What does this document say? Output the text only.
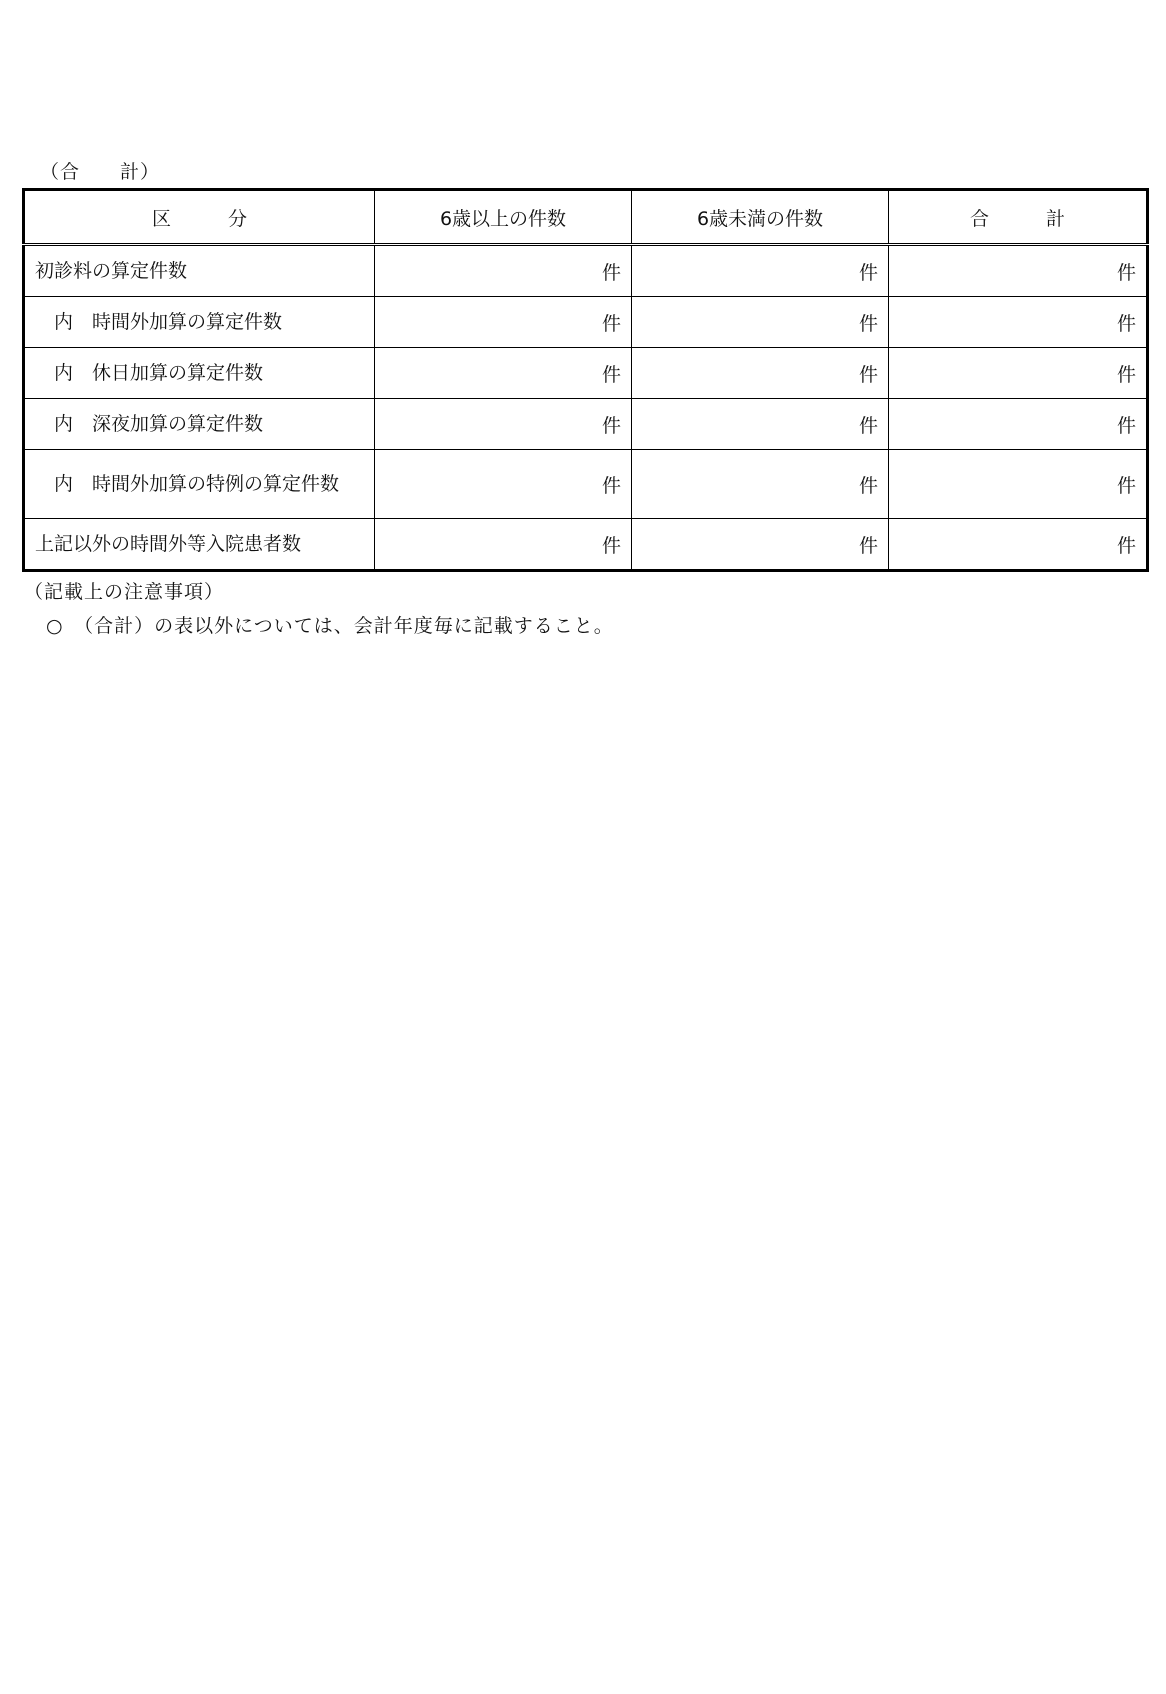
（合　　計）
区　　　分	6歳以上の件数	6歳未満の件数	合　　　計
初診料の算定件数	件	件	件
　内　時間外加算の算定件数	件	件	件
　内　休日加算の算定件数	件	件	件
　内　深夜加算の算定件数	件	件	件
　内　時間外加算の特例の算定件数	件	件	件
上記以外の時間外等入院患者数	件	件	件
（記載上の注意事項）
○　（合計）の表以外については、会計年度毎に記載すること。
